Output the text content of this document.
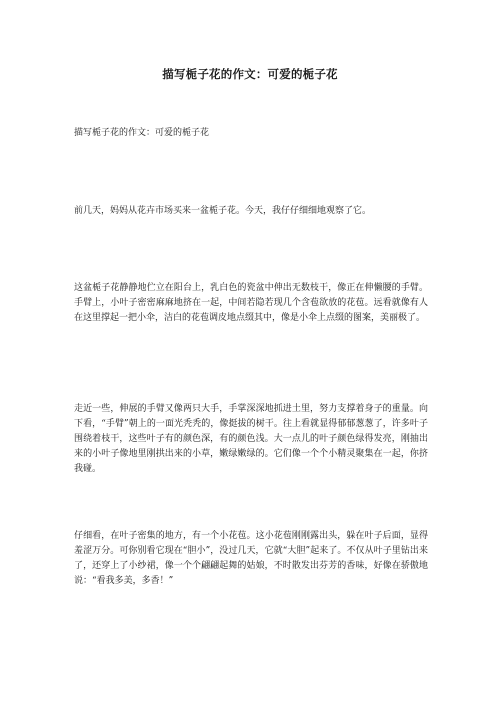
描写栀子花的作文：可爱的栀子花

描写栀子花的作文：可爱的栀子花

前几天，妈妈从花卉市场买来一盆栀子花。今天，我仔仔细细地观察了它。

这盆栀子花静静地伫立在阳台上，乳白色的瓷盆中伸出无数枝干，像正在伸懒腰的手臂。手臂上，小叶子密密麻麻地挤在一起，中间若隐若现几个含苞欲放的花苞。远看就像有人在这里撑起一把小伞，洁白的花苞调皮地点缀其中，像是小伞上点缀的图案，美丽极了。

走近一些，伸展的手臂又像两只大手，手掌深深地抓进土里，努力支撑着身子的重量。向下看，“手臂”朝上的一面光秃秃的，像挺拔的树干。往上看就显得郁郁葱葱了，许多叶子围绕着枝干，这些叶子有的颜色深，有的颜色浅。大一点儿的叶子颜色绿得发亮，刚抽出来的小叶子像地里刚拱出来的小草，嫩绿嫩绿的。它们像一个个小精灵聚集在一起，你挤我碰。

仔细看，在叶子密集的地方，有一个小花苞。这小花苞刚刚露出头，躲在叶子后面，显得羞涩万分。可你别看它现在“胆小”，没过几天，它就“大胆”起来了。不仅从叶子里钻出来了，还穿上了小纱裙，像一个个翩翩起舞的姑娘，不时散发出芬芳的香味，好像在骄傲地说：“看我多美，多香！”
